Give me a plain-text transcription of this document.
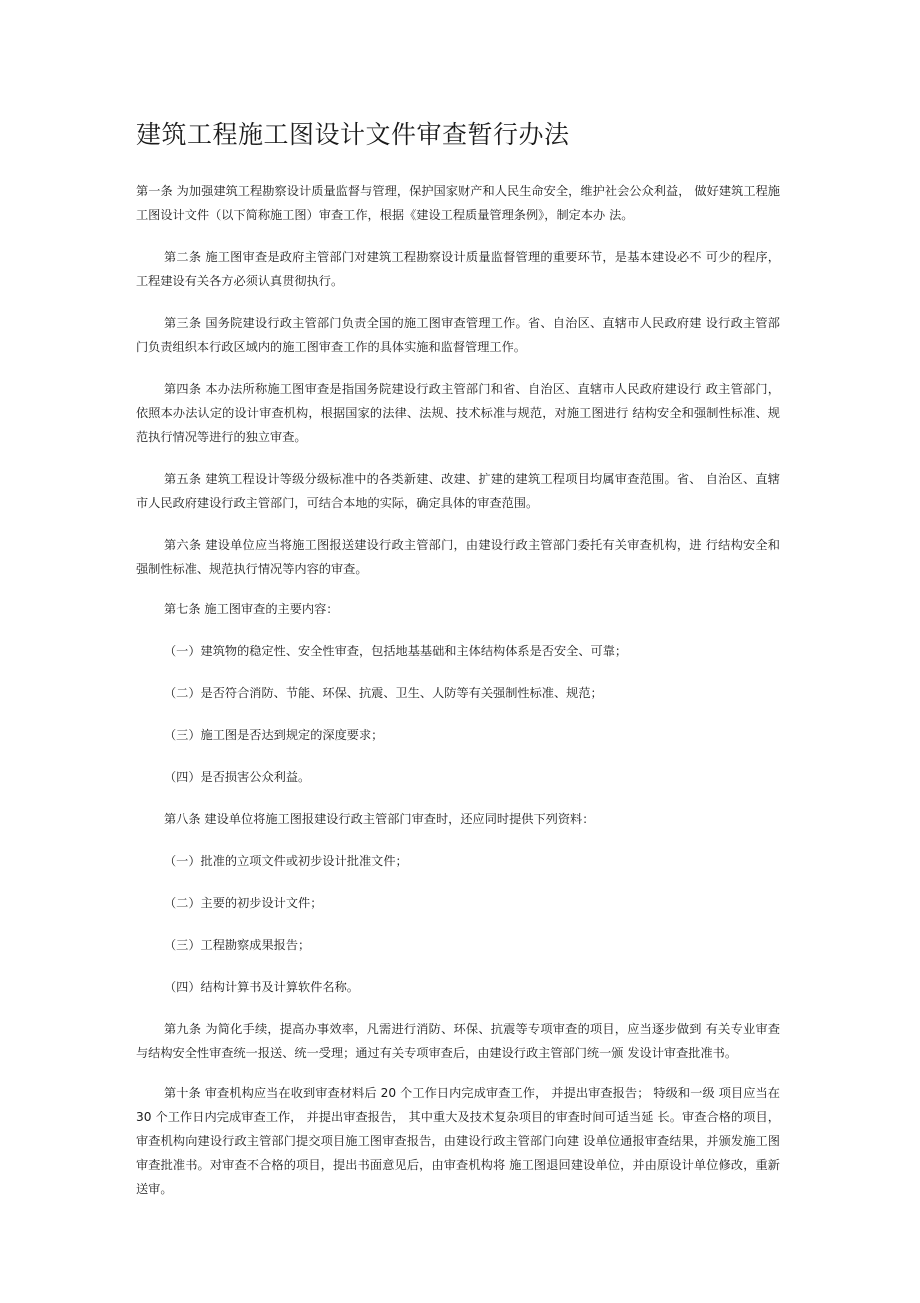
建筑工程施工图设计文件审查暂行办法

第一条 为加强建筑工程勘察设计质量监督与管理，保护国家财产和人民生命安全，维护社会公众利益， 做好建筑工程施工图设计文件（以下简称施工图）审查工作，根据《建设工程质量管理条例》，制定本办 法。

第二条 施工图审查是政府主管部门对建筑工程勘察设计质量监督管理的重要环节，是基本建设必不 可少的程序，工程建设有关各方必须认真贯彻执行。

第三条 国务院建设行政主管部门负责全国的施工图审查管理工作。省、自治区、直辖市人民政府建 设行政主管部门负责组织本行政区域内的施工图审查工作的具体实施和监督管理工作。

第四条 本办法所称施工图审查是指国务院建设行政主管部门和省、自治区、直辖市人民政府建设行 政主管部门，依照本办法认定的设计审查机构，根据国家的法律、法规、技术标准与规范，对施工图进行 结构安全和强制性标准、规范执行情况等进行的独立审查。

第五条 建筑工程设计等级分级标准中的各类新建、改建、扩建的建筑工程项目均属审查范围。省、 自治区、直辖市人民政府建设行政主管部门，可结合本地的实际，确定具体的审查范围。

第六条 建设单位应当将施工图报送建设行政主管部门，由建设行政主管部门委托有关审查机构，进 行结构安全和强制性标准、规范执行情况等内容的审查。

第七条 施工图审查的主要内容：

（一）建筑物的稳定性、安全性审查，包括地基基础和主体结构体系是否安全、可靠；

（二）是否符合消防、节能、环保、抗震、卫生、人防等有关强制性标准、规范；

（三）施工图是否达到规定的深度要求；

（四）是否损害公众利益。

第八条 建设单位将施工图报建设行政主管部门审查时，还应同时提供下列资料：

（一）批准的立项文件或初步设计批准文件；

（二）主要的初步设计文件；

（三）工程勘察成果报告；

（四）结构计算书及计算软件名称。

第九条 为简化手续，提高办事效率，凡需进行消防、环保、抗震等专项审查的项目，应当逐步做到 有关专业审查与结构安全性审查统一报送、统一受理；通过有关专项审查后，由建设行政主管部门统一颁 发设计审查批准书。

第十条 审查机构应当在收到审查材料后 20 个工作日内完成审查工作， 并提出审查报告； 特级和一级 项目应当在 30 个工作日内完成审查工作， 并提出审查报告， 其中重大及技术复杂项目的审查时间可适当延 长。审查合格的项目，审查机构向建设行政主管部门提交项目施工图审查报告，由建设行政主管部门向建 设单位通报审查结果，并颁发施工图审查批准书。对审查不合格的项目，提出书面意见后，由审查机构将 施工图退回建设单位，并由原设计单位修改，重新送审。
